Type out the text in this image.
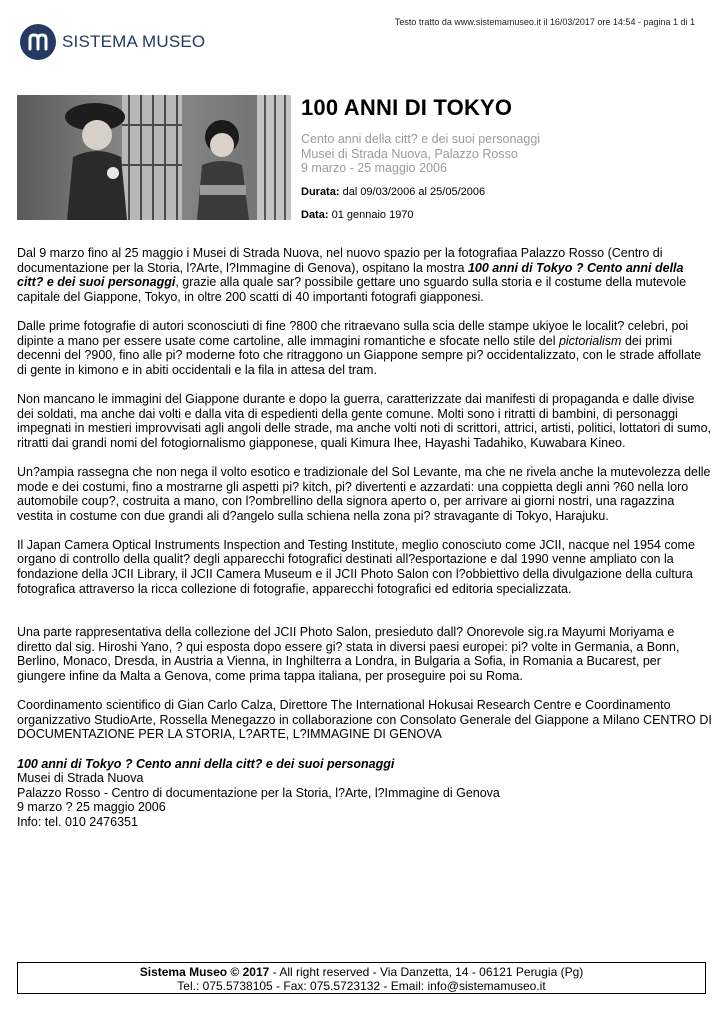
Testo tratto da www.sistemamuseo.it il 16/03/2017 ore 14:54 - pagina 1 di 1
SISTEMA MUSEO
100 ANNI DI TOKYO
Cento anni della citt? e dei suoi personaggi
Musei di Strada Nuova, Palazzo Rosso
9 marzo - 25 maggio 2006
Durata: dal 09/03/2006 al 25/05/2006
Data: 01 gennaio 1970

Dal 9 marzo fino al 25 maggio i Musei di Strada Nuova, nel nuovo spazio per la fotografiaa Palazzo Rosso (Centro di documentazione per la Storia, l?Arte, l?Immagine di Genova), ospitano la mostra 100 anni di Tokyo ? Cento anni della citt? e dei suoi personaggi, grazie alla quale sar? possibile gettare uno sguardo sulla storia e il costume della mutevole capitale del Giappone, Tokyo, in oltre 200 scatti di 40 importanti fotografi giapponesi.

Dalle prime fotografie di autori sconosciuti di fine ?800 che ritraevano sulla scia delle stampe ukiyoe le localit? celebri, poi dipinte a mano per essere usate come cartoline, alle immagini romantiche e sfocate nello stile del pictorialism dei primi decenni del ?900, fino alle pi? moderne foto che ritraggono un Giappone sempre pi? occidentalizzato, con le strade affollate di gente in kimono e in abiti occidentali e la fila in attesa del tram.

Non mancano le immagini del Giappone durante e dopo la guerra, caratterizzate dai manifesti di propaganda e dalle divise dei soldati, ma anche dai volti e dalla vita di espedienti della gente comune. Molti sono i ritratti di bambini, di personaggi impegnati in mestieri improvvisati agli angoli delle strade, ma anche volti noti di scrittori, attrici, artisti, politici, lottatori di sumo, ritratti dai grandi nomi del fotogiornalismo giapponese, quali Kimura Ihee, Hayashi Tadahiko, Kuwabara Kineo.

Un?ampia rassegna che non nega il volto esotico e tradizionale del Sol Levante, ma che ne rivela anche la mutevolezza delle mode e dei costumi, fino a mostrarne gli aspetti pi? kitch, pi? divertenti e azzardati: una coppietta degli anni ?60 nella loro automobile coup?, costruita a mano, con l?ombrellino della signora aperto o, per arrivare ai giorni nostri, una ragazzina vestita in costume con due grandi ali d?angelo sulla schiena nella zona pi? stravagante di Tokyo, Harajuku.

Il Japan Camera Optical Instruments Inspection and Testing Institute, meglio conosciuto come JCII, nacque nel 1954 come organo di controllo della qualit? degli apparecchi fotografici destinati all?esportazione e dal 1990 venne ampliato con la fondazione della JCII Library, il JCII Camera Museum e il JCII Photo Salon con l?obbiettivo della divulgazione della cultura fotografica attraverso la ricca collezione di fotografie, apparecchi fotografici ed editoria specializzata.

Una parte rappresentativa della collezione del JCII Photo Salon, presieduto dall? Onorevole sig.ra Mayumi Moriyama e diretto dal sig. Hiroshi Yano, ? qui esposta dopo essere gi? stata in diversi paesi europei: pi? volte in Germania, a Bonn, Berlino, Monaco, Dresda, in Austria a Vienna, in Inghilterra a Londra, in Bulgaria a Sofia, in Romania a Bucarest, per giungere infine da Malta a Genova, come prima tappa italiana, per proseguire poi su Roma.

Coordinamento scientifico di Gian Carlo Calza, Direttore The International Hokusai Research Centre e Coordinamento organizzativo StudioArte, Rossella Menegazzo in collaborazione con Consolato Generale del Giappone a Milano CENTRO DI DOCUMENTAZIONE PER LA STORIA, L?ARTE, L?IMMAGINE DI GENOVA

100 anni di Tokyo ? Cento anni della citt? e dei suoi personaggi
Musei di Strada Nuova
Palazzo Rosso - Centro di documentazione per la Storia, l?Arte, l?Immagine di Genova
9 marzo ? 25 maggio 2006
Info: tel. 010 2476351
Sistema Museo © 2017 - All right reserved - Via Danzetta, 14 - 06121 Perugia (Pg)
Tel.: 075.5738105 - Fax: 075.5723132 - Email: info@sistemamuseo.it
